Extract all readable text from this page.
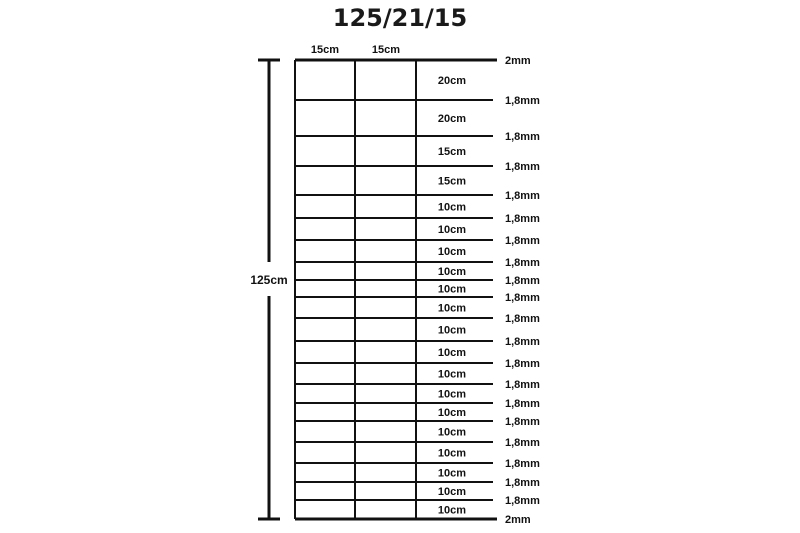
125/21/15
125cm
15cm	15cm
2mm
1,8mm
1,8mm
1,8mm
1,8mm
1,8mm
1,8mm
1,8mm
1,8mm
1,8mm
1,8mm
1,8mm
1,8mm
1,8mm
1,8mm
1,8mm
1,8mm
1,8mm
1,8mm
1,8mm
2mm
20cm
20cm
15cm
15cm
10cm
10cm
10cm
10cm
10cm
10cm
10cm
10cm
10cm
10cm
10cm
10cm
10cm
10cm
10cm
10cm
